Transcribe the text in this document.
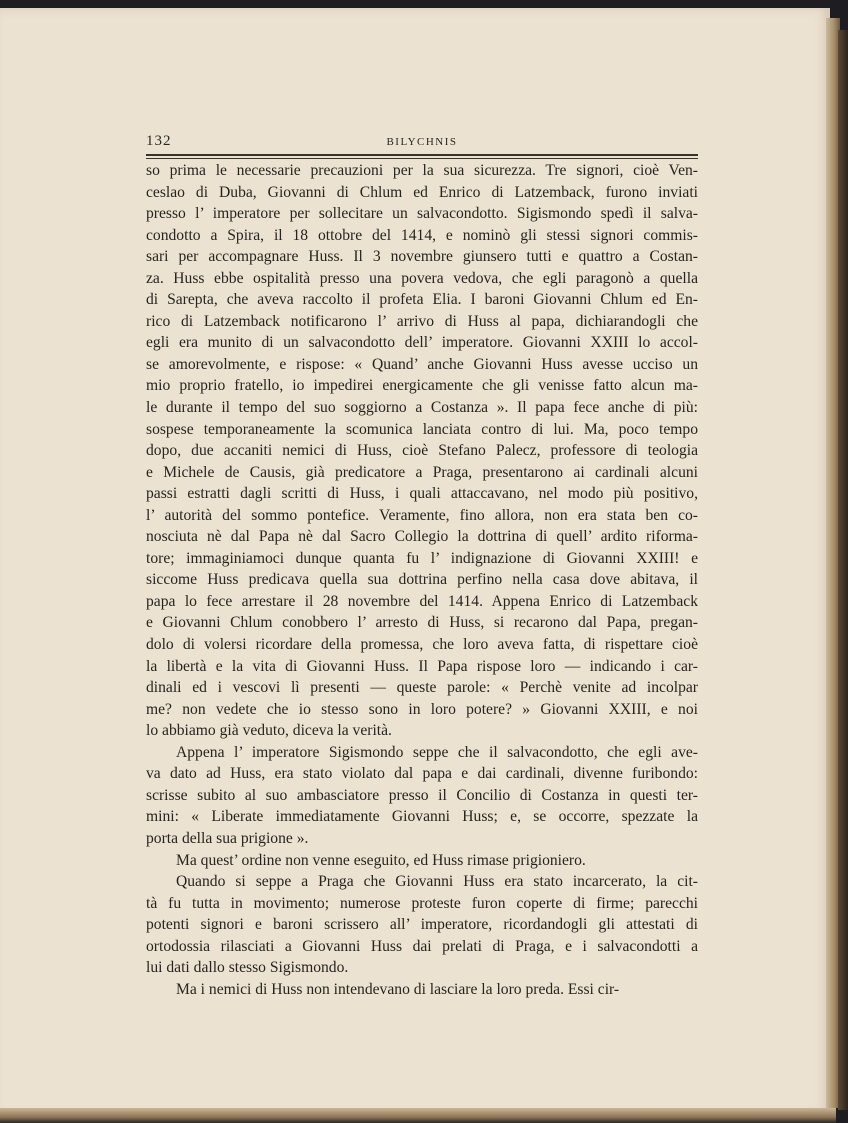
132	BILYCHNIS
so prima le necessarie precauzioni per la sua sicurezza. Tre signori, cioè Ven-
ceslao di Duba, Giovanni di Chlum ed Enrico di Latzemback, furono inviati
presso l’ imperatore per sollecitare un salvacondotto. Sigismondo spedì il salva-
condotto a Spira, il 18 ottobre del 1414, e nominò gli stessi signori commis-
sari per accompagnare Huss. Il 3 novembre giunsero tutti e quattro a Costan-
za. Huss ebbe ospitalità presso una povera vedova, che egli paragonò a quella
di Sarepta, che aveva raccolto il profeta Elia. I baroni Giovanni Chlum ed En-
rico di Latzemback notificarono l’ arrivo di Huss al papa, dichiarandogli che
egli era munito di un salvacondotto dell’ imperatore. Giovanni XXIII lo accol-
se amorevolmente, e rispose: « Quand’ anche Giovanni Huss avesse ucciso un
mio proprio fratello, io impedirei energicamente che gli venisse fatto alcun ma-
le durante il tempo del suo soggiorno a Costanza ». Il papa fece anche di più:
sospese temporaneamente la scomunica lanciata contro di lui. Ma, poco tempo
dopo, due accaniti nemici di Huss, cioè Stefano Palecz, professore di teologia
e Michele de Causis, già predicatore a Praga, presentarono ai cardinali alcuni
passi estratti dagli scritti di Huss, i quali attaccavano, nel modo più positivo,
l’ autorità del sommo pontefice. Veramente, fino allora, non era stata ben co-
nosciuta nè dal Papa nè dal Sacro Collegio la dottrina di quell’ ardito riforma-
tore; immaginiamoci dunque quanta fu l’ indignazione di Giovanni XXIII! e
siccome Huss predicava quella sua dottrina perfino nella casa dove abitava, il
papa lo fece arrestare il 28 novembre del 1414. Appena Enrico di Latzemback
e Giovanni Chlum conobbero l’ arresto di Huss, si recarono dal Papa, pregan-
dolo di volersi ricordare della promessa, che loro aveva fatta, di rispettare cioè
la libertà e la vita di Giovanni Huss. Il Papa rispose loro — indicando i car-
dinali ed i vescovi lì presenti — queste parole: « Perchè venite ad incolpar
me? non vedete che io stesso sono in loro potere? » Giovanni XXIII, e noi
lo abbiamo già veduto, diceva la verità.
Appena l’ imperatore Sigismondo seppe che il salvacondotto, che egli ave-
va dato ad Huss, era stato violato dal papa e dai cardinali, divenne furibondo:
scrisse subito al suo ambasciatore presso il Concilio di Costanza in questi ter-
mini: « Liberate immediatamente Giovanni Huss; e, se occorre, spezzate la
porta della sua prigione ».
Ma quest’ ordine non venne eseguito, ed Huss rimase prigioniero.
Quando si seppe a Praga che Giovanni Huss era stato incarcerato, la cit-
tà fu tutta in movimento; numerose proteste furon coperte di firme; parecchi
potenti signori e baroni scrissero all’ imperatore, ricordandogli gli attestati di
ortodossia rilasciati a Giovanni Huss dai prelati di Praga, e i salvacondotti a
lui dati dallo stesso Sigismondo.
Ma i nemici di Huss non intendevano di lasciare la loro preda. Essi cir-
